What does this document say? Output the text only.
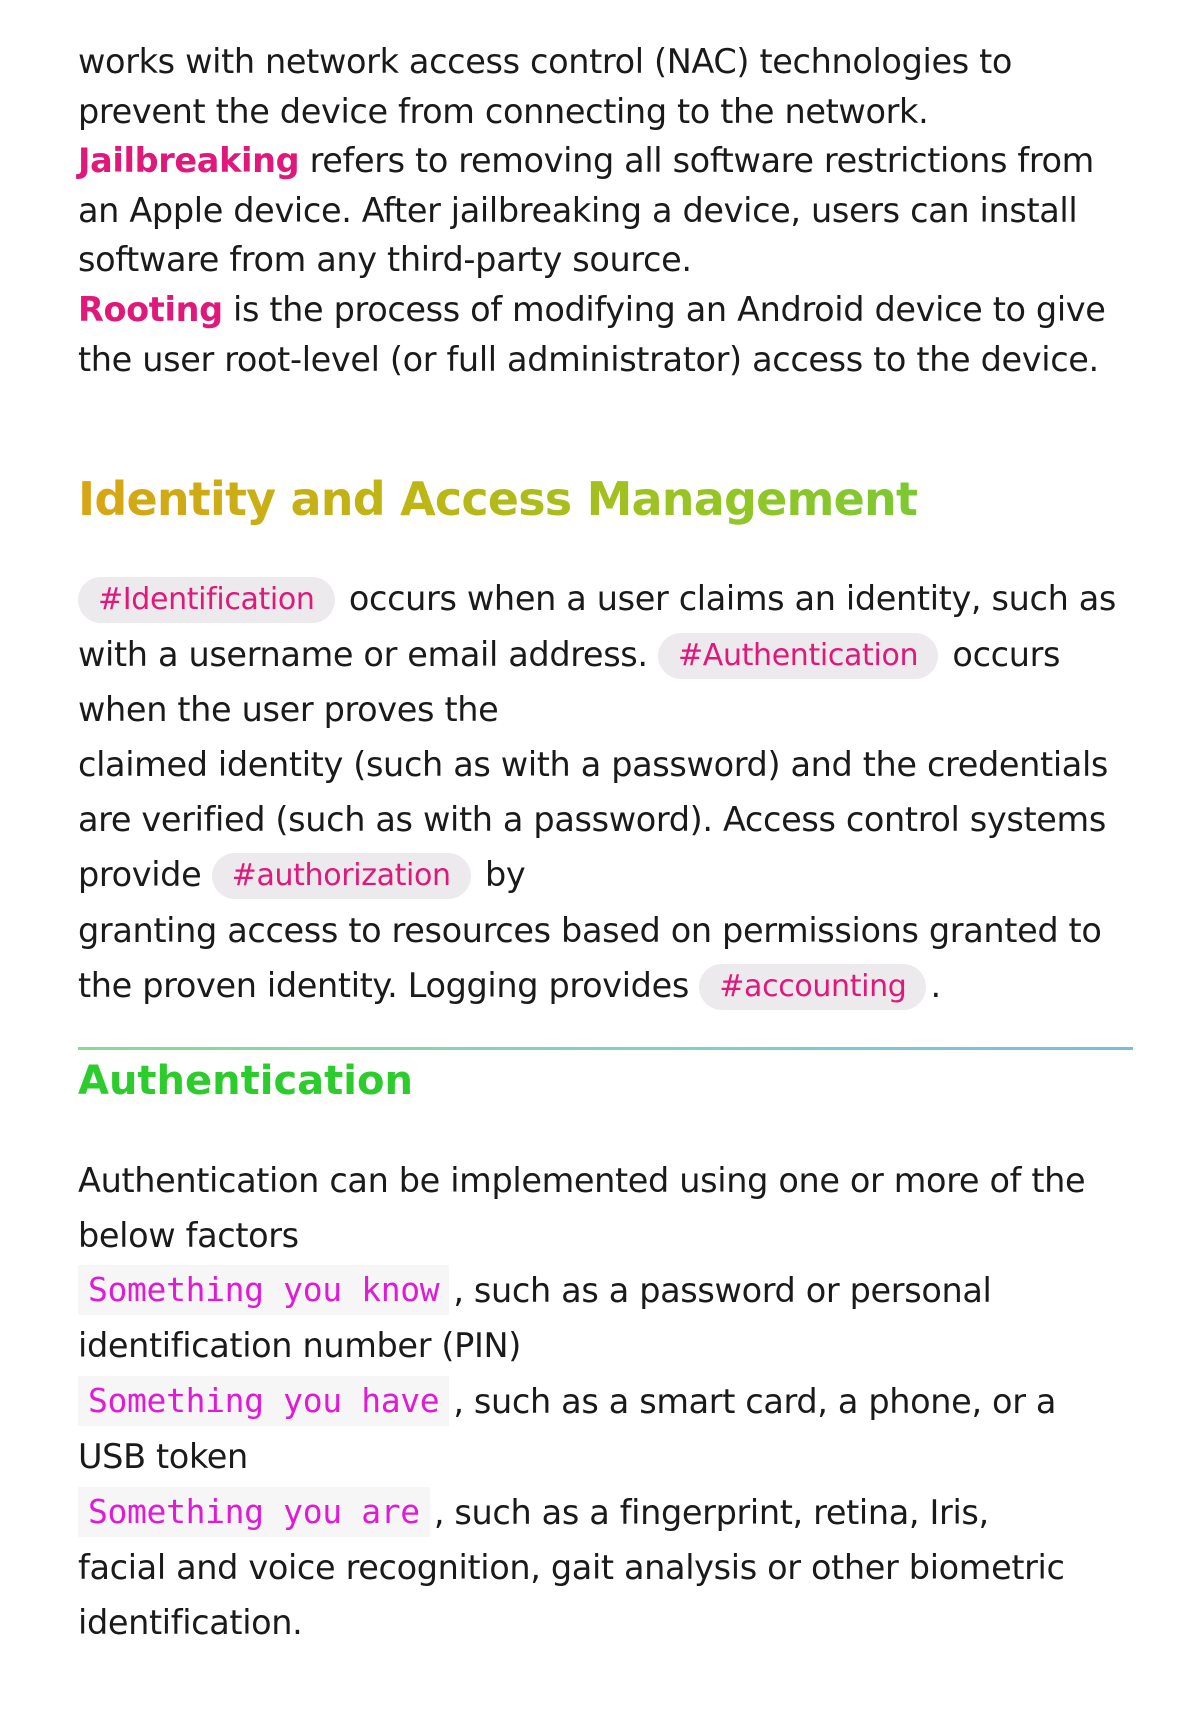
works with network access control (NAC) technologies to

prevent the device from connecting to the network.

Jailbreaking refers to removing all software restrictions from

an Apple device. After jailbreaking a device, users can install

software from any third-party source.

Rooting is the process of modifying an Android device to give

the user root-level (or full administrator) access to the device.

Identity and Access Management

#Identification occurs when a user claims an identity, such as

with a username or email address. #Authentication occurs

when the user proves the

claimed identity (such as with a password) and the credentials

are verified (such as with a password). Access control systems

provide #authorization by

granting access to resources based on permissions granted to

the proven identity. Logging provides #accounting .

Authentication

Authentication can be implemented using one or more of the

below factors

Something you know , such as a password or personal

identification number (PIN)

Something you have , such as a smart card, a phone, or a

USB token

Something you are , such as a fingerprint, retina, Iris,

facial and voice recognition, gait analysis or other biometric

identification.
